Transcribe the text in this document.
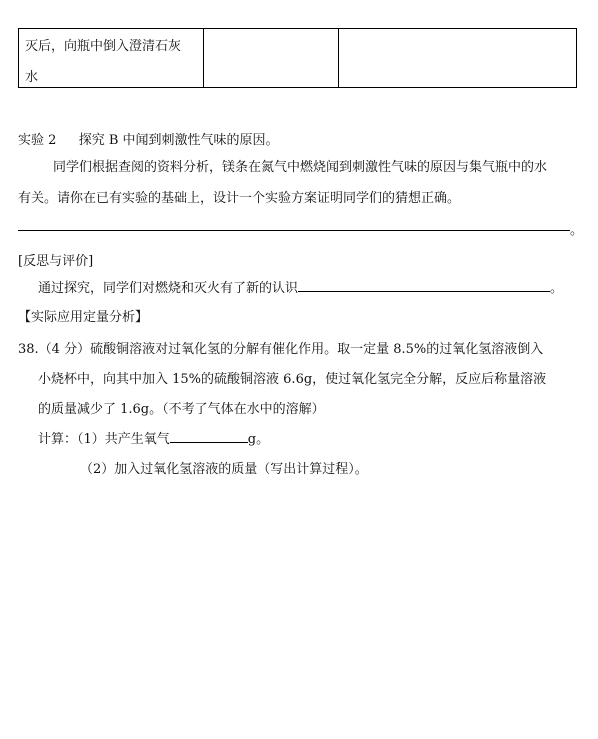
灭后，向瓶中倒入澄清石灰
水
实验 2 探究 B 中闻到刺激性气味的原因。
同学们根据查阅的资料分析，镁条在氮气中燃烧闻到刺激性气味的原因与集气瓶中的水
有关。请你在已有实验的基础上，设计一个实验方案证明同学们的猜想正确。
。
[反思与评价]
通过探究，同学们对燃烧和灭火有了新的认识	。
【实际应用定量分析】
38.（4 分）硫酸铜溶液对过氧化氢的分解有催化作用。取一定量 8.5%的过氧化氢溶液倒入
小烧杯中，向其中加入 15%的硫酸铜溶液 6.6g，使过氧化氢完全分解，反应后称量溶液
的质量减少了 1.6g。（不考了气体在水中的溶解）
计算：（1）共产生氧气	g。
（2）加入过氧化氢溶液的质量（写出计算过程）。
